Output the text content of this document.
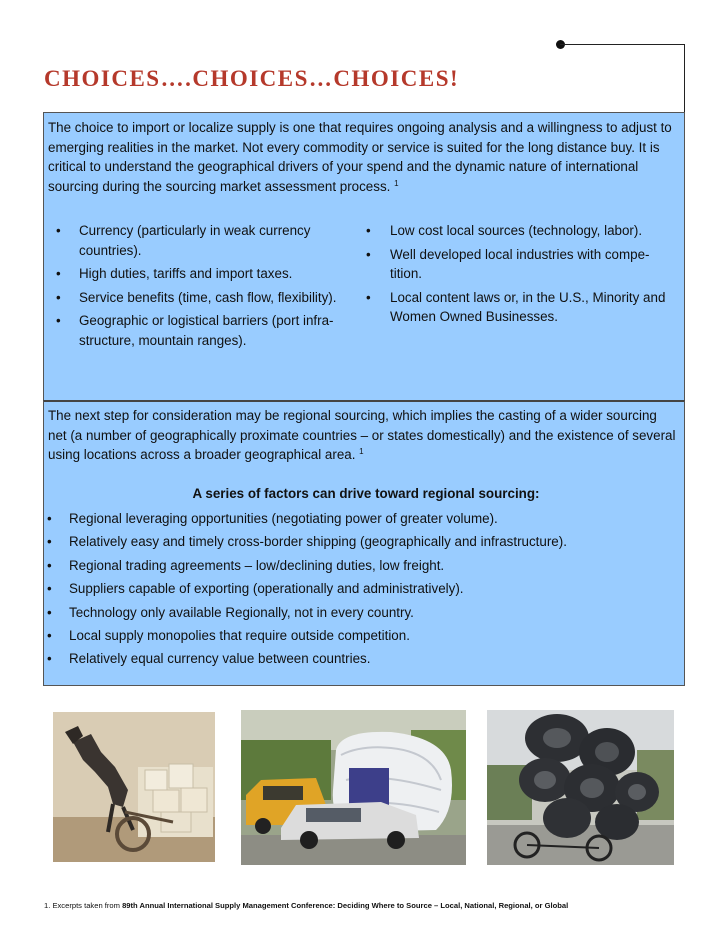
CHOICES….CHOICES…CHOICES!

The choice to import or localize supply is one that requires ongoing analysis and a willingness to adjust to emerging realities in the market. Not every commodity or service is suited for the long distance buy. It is critical to understand the geographical drivers of your spend and the dynamic nature of international sourcing during the sourcing market assessment process. $^1$

• Currency (particularly in weak currency countries).
• High duties, tariffs and import taxes.
• Service benefits (time, cash flow, flexibility).
• Geographic or logistical barriers (port infra-structure, mountain ranges).
• Low cost local sources (technology, labor).
• Well developed local industries with compe-tition.
• Local content laws or, in the U.S., Minority and Women Owned Businesses.

The next step for consideration may be regional sourcing, which implies the casting of a wider sourcing net (a number of geographically proximate countries – or states domestically) and the existence of several using locations across a broader geographical area. $^1$

A series of factors can drive toward regional sourcing:
• Regional leveraging opportunities (negotiating power of greater volume).
• Relatively easy and timely cross-border shipping (geographically and infrastructure).
• Regional trading agreements – low/declining duties, low freight.
• Suppliers capable of exporting (operationally and administratively).
• Technology only available Regionally, not in every country.
• Local supply monopolies that require outside competition.
• Relatively equal currency value between countries.
1. Excerpts taken from 89th Annual International Supply Management Conference: Deciding Where to Source – Local, National, Regional, or Global
